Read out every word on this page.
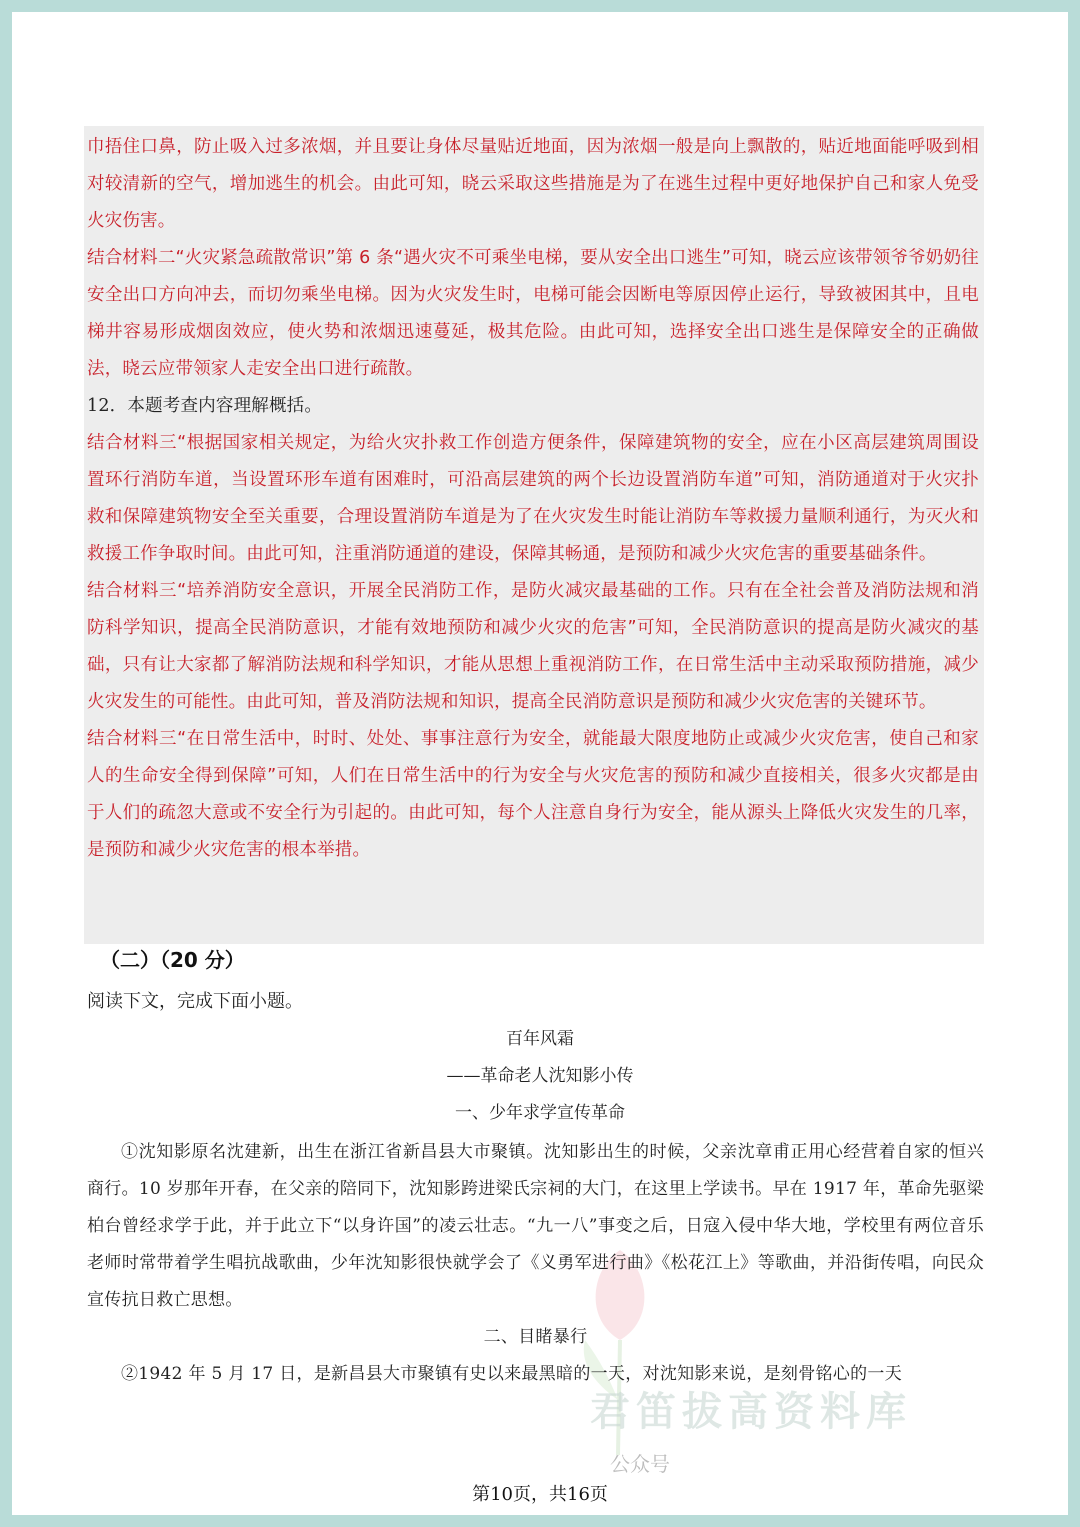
巾捂住口鼻，防止吸入过多浓烟，并且要让身体尽量贴近地面，因为浓烟一般是向上飘散的，贴近地面能呼吸到相对较清新的空气，增加逃生的机会。由此可知，晓云采取这些措施是为了在逃生过程中更好地保护自己和家人免受火灾伤害。

结合材料二“火灾紧急疏散常识”第 6 条“遇火灾不可乘坐电梯，要从安全出口逃生”可知，晓云应该带领爷爷奶奶往安全出口方向冲去，而切勿乘坐电梯。因为火灾发生时，电梯可能会因断电等原因停止运行，导致被困其中，且电梯井容易形成烟囱效应，使火势和浓烟迅速蔓延，极其危险。由此可知，选择安全出口逃生是保障安全的正确做法，晓云应带领家人走安全出口进行疏散。

12．本题考查内容理解概括。

结合材料三“根据国家相关规定，为给火灾扑救工作创造方便条件，保障建筑物的安全，应在小区高层建筑周围设置环行消防车道，当设置环形车道有困难时，可沿高层建筑的两个长边设置消防车道”可知，消防通道对于火灾扑救和保障建筑物安全至关重要，合理设置消防车道是为了在火灾发生时能让消防车等救援力量顺利通行，为灭火和救援工作争取时间。由此可知，注重消防通道的建设，保障其畅通，是预防和减少火灾危害的重要基础条件。

结合材料三“培养消防安全意识，开展全民消防工作，是防火减灾最基础的工作。只有在全社会普及消防法规和消防科学知识，提高全民消防意识，才能有效地预防和减少火灾的危害”可知，全民消防意识的提高是防火减灾的基础，只有让大家都了解消防法规和科学知识，才能从思想上重视消防工作，在日常生活中主动采取预防措施，减少火灾发生的可能性。由此可知，普及消防法规和知识，提高全民消防意识是预防和减少火灾危害的关键环节。

结合材料三“在日常生活中，时时、处处、事事注意行为安全，就能最大限度地防止或减少火灾危害，使自己和家人的生命安全得到保障”可知，人们在日常生活中的行为安全与火灾危害的预防和减少直接相关，很多火灾都是由于人们的疏忽大意或不安全行为引起的。由此可知，每个人注意自身行为安全，能从源头上降低火灾发生的几率，是预防和减少火灾危害的根本举措。

（二）（20 分）
阅读下文，完成下面小题。
百年风霜
——革命老人沈知影小传
一、少年求学宣传革命

①沈知影原名沈建新，出生在浙江省新昌县大市聚镇。沈知影出生的时候，父亲沈章甫正用心经营着自家的恒兴商行。10 岁那年开春，在父亲的陪同下，沈知影跨进梁氏宗祠的大门，在这里上学读书。早在 1917 年，革命先驱梁柏台曾经求学于此，并于此立下“以身许国”的凌云壮志。“九一八”事变之后，日寇入侵中华大地，学校里有两位音乐老师时常带着学生唱抗战歌曲，少年沈知影很快就学会了《义勇军进行曲》《松花江上》等歌曲，并沿街传唱，向民众宣传抗日救亡思想。

二、目睹暴行

②1942 年 5 月 17 日，是新昌县大市聚镇有史以来最黑暗的一天，对沈知影来说，是刻骨铭心的一天

君笛拔高资料库
公众号
第10页，共16页
